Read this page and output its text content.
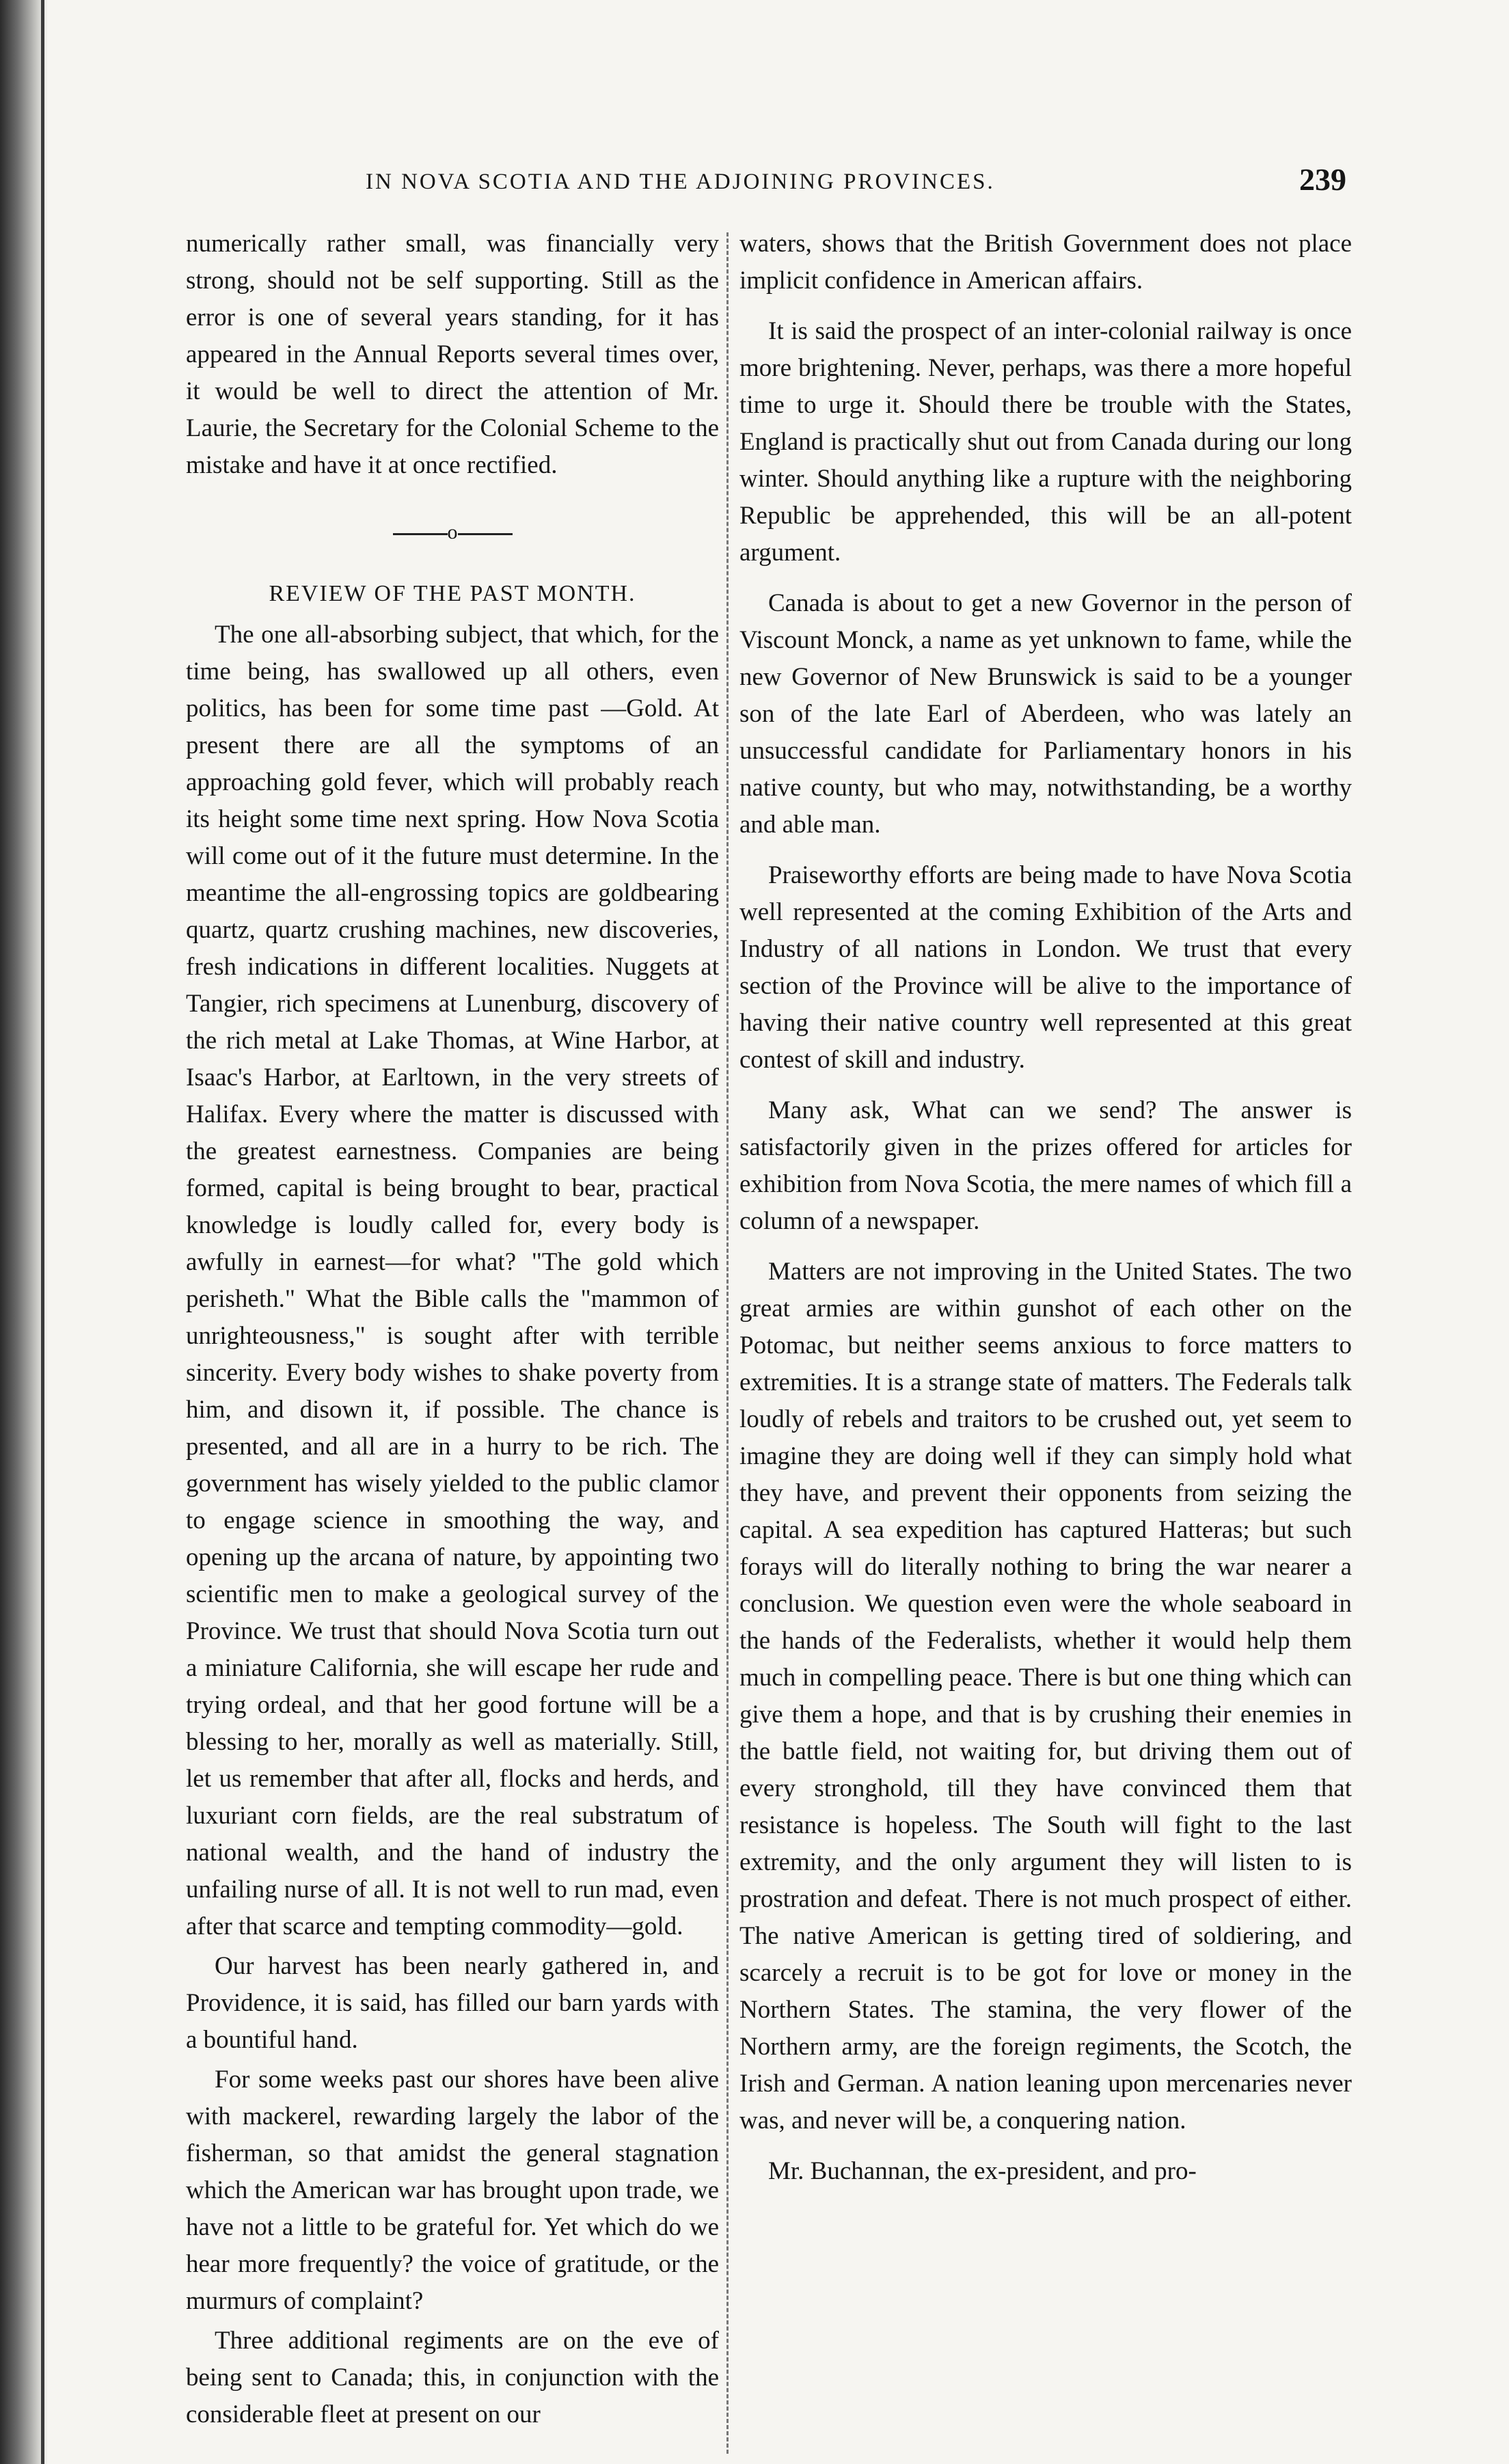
IN NOVA SCOTIA AND THE ADJOINING PROVINCES.	239

numerically rather small, was financially very strong, should not be self supporting. Still as the error is one of several years standing, for it has appeared in the Annual Reports several times over, it would be well to direct the attention of Mr. Laurie, the Secretary for the Colonial Scheme to the mistake and have it at once rectified.

o
REVIEW OF THE PAST MONTH.

The one all-absorbing subject, that which, for the time being, has swallowed up all others, even politics, has been for some time past —Gold. At present there are all the symptoms of an approaching gold fever, which will probably reach its height some time next spring. How Nova Scotia will come out of it the future must determine. In the meantime the all-engrossing topics are goldbearing quartz, quartz crushing machines, new discoveries, fresh indications in different localities. Nuggets at Tangier, rich specimens at Lunenburg, discovery of the rich metal at Lake Thomas, at Wine Harbor, at Isaac's Harbor, at Earltown, in the very streets of Halifax. Every where the matter is discussed with the greatest earnestness. Companies are being formed, capital is being brought to bear, practical knowledge is loudly called for, every body is awfully in earnest—for what? "The gold which perisheth." What the Bible calls the "mammon of unrighteousness," is sought after with terrible sincerity. Every body wishes to shake poverty from him, and disown it, if possible. The chance is presented, and all are in a hurry to be rich. The government has wisely yielded to the public clamor to engage science in smoothing the way, and opening up the arcana of nature, by appointing two scientific men to make a geological survey of the Province. We trust that should Nova Scotia turn out a miniature California, she will escape her rude and trying ordeal, and that her good fortune will be a blessing to her, morally as well as materially. Still, let us remember that after all, flocks and herds, and luxuriant corn fields, are the real substratum of national wealth, and the hand of industry the unfailing nurse of all. It is not well to run mad, even after that scarce and tempting commodity—gold.

Our harvest has been nearly gathered in, and Providence, it is said, has filled our barn yards with a bountiful hand.

For some weeks past our shores have been alive with mackerel, rewarding largely the labor of the fisherman, so that amidst the general stagnation which the American war has brought upon trade, we have not a little to be grateful for. Yet which do we hear more frequently? the voice of gratitude, or the murmurs of complaint?

Three additional regiments are on the eve of being sent to Canada; this, in conjunction with the considerable fleet at present on our

waters, shows that the British Government does not place implicit confidence in American affairs.

It is said the prospect of an inter-colonial railway is once more brightening. Never, perhaps, was there a more hopeful time to urge it. Should there be trouble with the States, England is practically shut out from Canada during our long winter. Should anything like a rupture with the neighboring Republic be apprehended, this will be an all-potent argument.

Canada is about to get a new Governor in the person of Viscount Monck, a name as yet unknown to fame, while the new Governor of New Brunswick is said to be a younger son of the late Earl of Aberdeen, who was lately an unsuccessful candidate for Parliamentary honors in his native county, but who may, notwithstanding, be a worthy and able man.

Praiseworthy efforts are being made to have Nova Scotia well represented at the coming Exhibition of the Arts and Industry of all nations in London. We trust that every section of the Province will be alive to the importance of having their native country well represented at this great contest of skill and industry.

Many ask, What can we send? The answer is satisfactorily given in the prizes offered for articles for exhibition from Nova Scotia, the mere names of which fill a column of a newspaper.

Matters are not improving in the United States. The two great armies are within gunshot of each other on the Potomac, but neither seems anxious to force matters to extremities. It is a strange state of matters. The Federals talk loudly of rebels and traitors to be crushed out, yet seem to imagine they are doing well if they can simply hold what they have, and prevent their opponents from seizing the capital. A sea expedition has captured Hatteras; but such forays will do literally nothing to bring the war nearer a conclusion. We question even were the whole seaboard in the hands of the Federalists, whether it would help them much in compelling peace. There is but one thing which can give them a hope, and that is by crushing their enemies in the battle field, not waiting for, but driving them out of every stronghold, till they have convinced them that resistance is hopeless. The South will fight to the last extremity, and the only argument they will listen to is prostration and defeat. There is not much prospect of either. The native American is getting tired of soldiering, and scarcely a recruit is to be got for love or money in the Northern States. The stamina, the very flower of the Northern army, are the foreign regiments, the Scotch, the Irish and German. A nation leaning upon mercenaries never was, and never will be, a conquering nation.

Mr. Buchannan, the ex-president, and pro-
